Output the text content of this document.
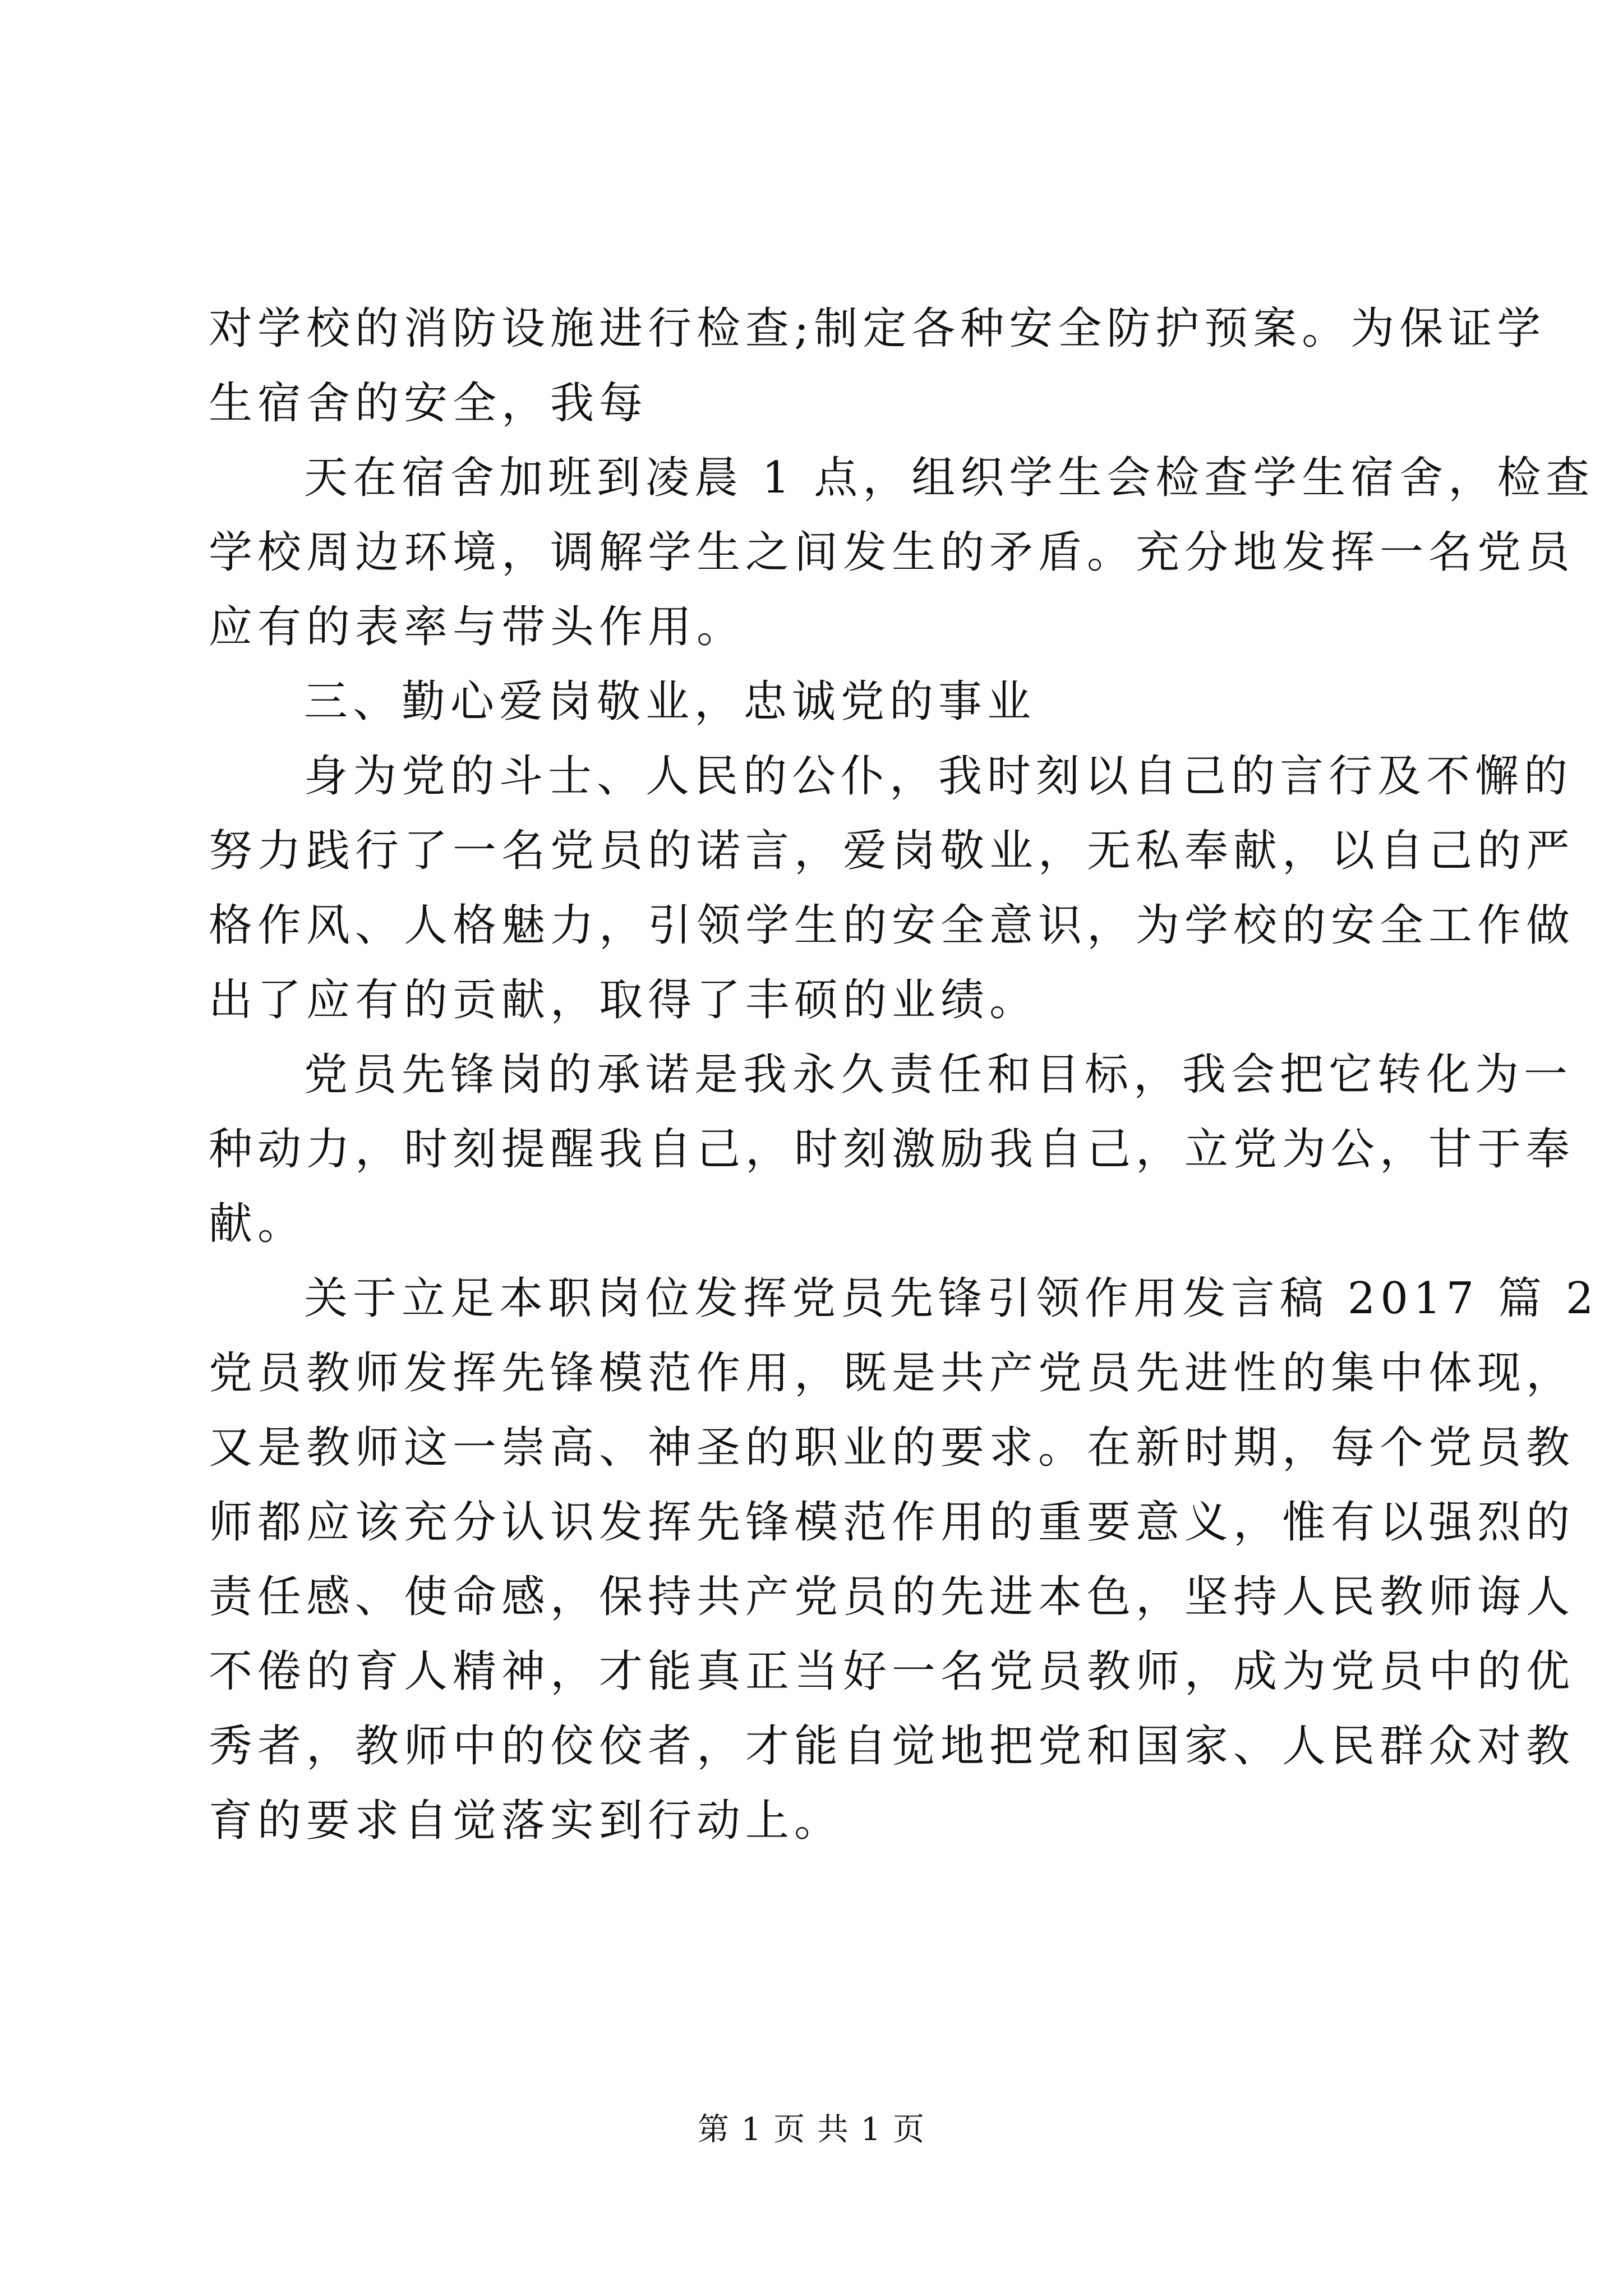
对学校的消防设施进行检查;制定各种安全防护预案。为保证学
生宿舍的安全，我每
天在宿舍加班到凌晨 1 点，组织学生会检查学生宿舍，检查
学校周边环境，调解学生之间发生的矛盾。充分地发挥一名党员
应有的表率与带头作用。
三、勤心爱岗敬业，忠诚党的事业
身为党的斗士、人民的公仆，我时刻以自己的言行及不懈的
努力践行了一名党员的诺言，爱岗敬业，无私奉献，以自己的严
格作风、人格魅力，引领学生的安全意识，为学校的安全工作做
出了应有的贡献，取得了丰硕的业绩。
党员先锋岗的承诺是我永久责任和目标，我会把它转化为一
种动力，时刻提醒我自己，时刻激励我自己，立党为公，甘于奉
献。
关于立足本职岗位发挥党员先锋引领作用发言稿 2017 篇 2
党员教师发挥先锋模范作用，既是共产党员先进性的集中体现，
又是教师这一崇高、神圣的职业的要求。在新时期，每个党员教
师都应该充分认识发挥先锋模范作用的重要意义，惟有以强烈的
责任感、使命感，保持共产党员的先进本色，坚持人民教师诲人
不倦的育人精神，才能真正当好一名党员教师，成为党员中的优
秀者，教师中的佼佼者，才能自觉地把党和国家、人民群众对教
育的要求自觉落实到行动上。

第 1 页 共 1 页
